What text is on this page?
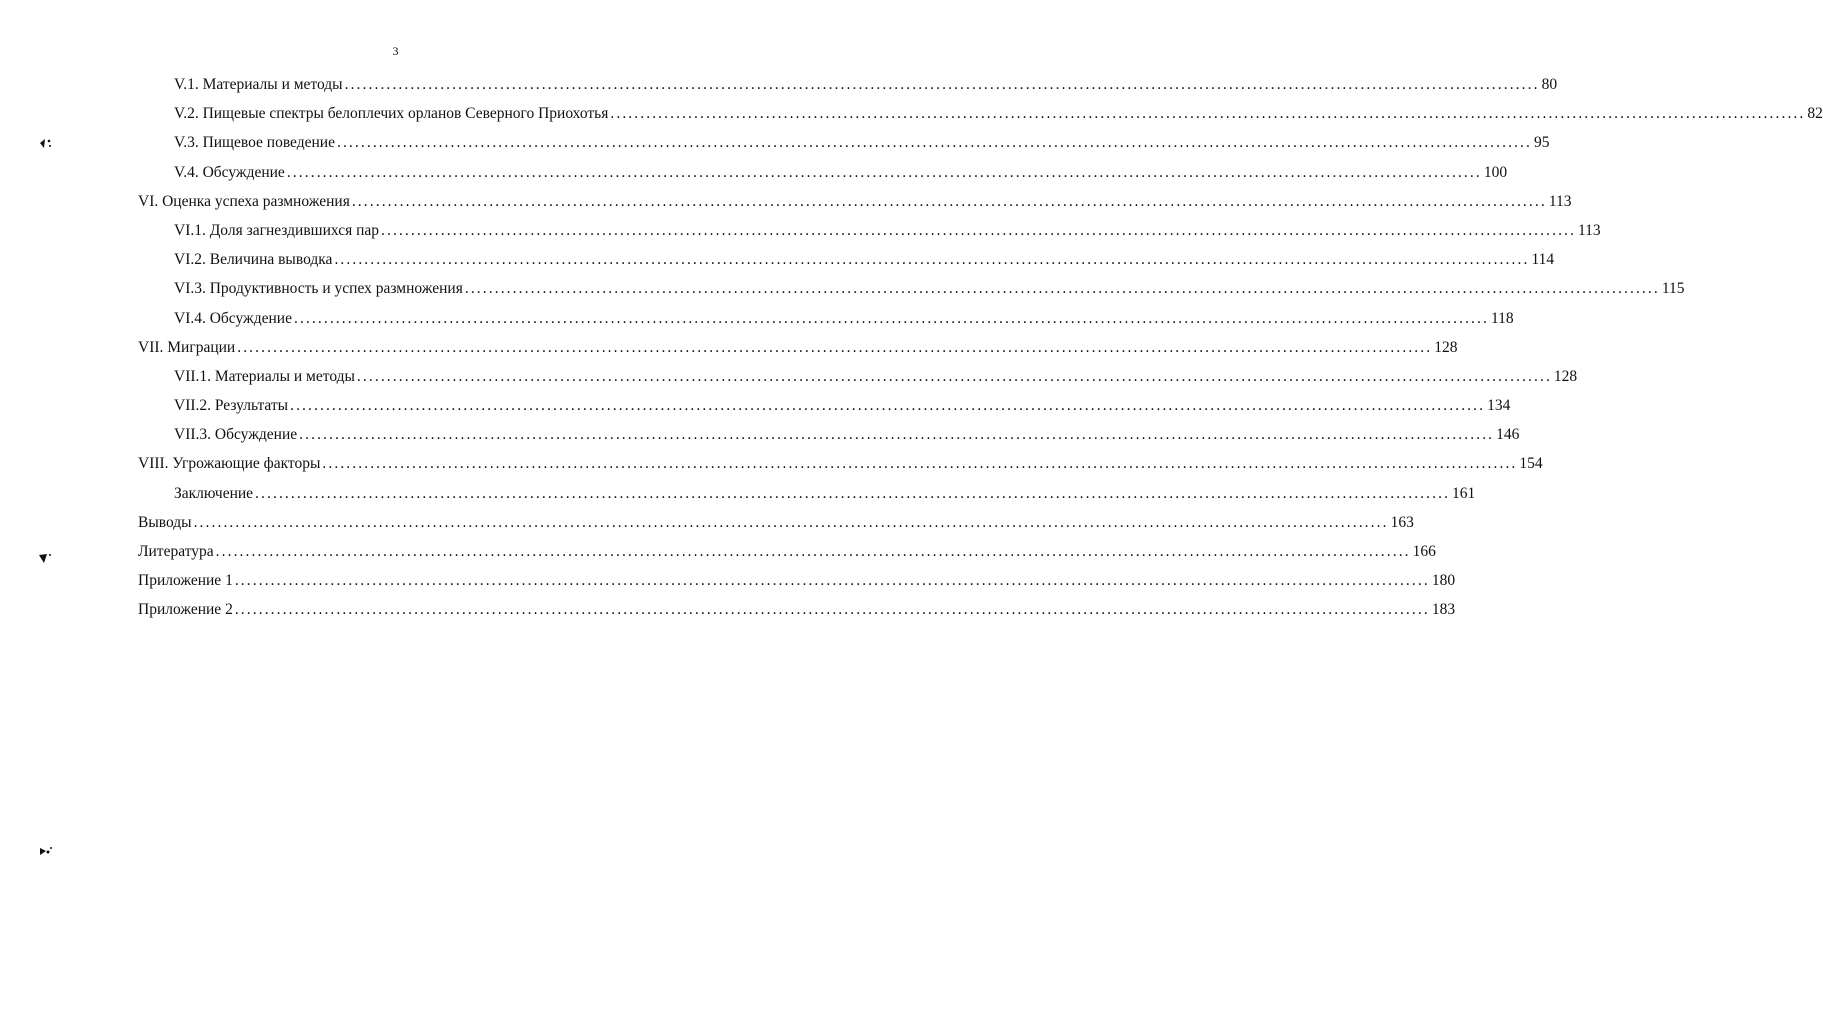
3
V.1. Материалы и методы ........................................................................................................................................................................................................ 80
V.2. Пищевые спектры белоплечих орланов Северного Приохотья ........................................................................................................................................................................................................ 82
V.3. Пищевое поведение ........................................................................................................................................................................................................ 95
V.4. Обсуждение ........................................................................................................................................................................................................ 100
VI. Оценка успеха размножения ........................................................................................................................................................................................................ 113
VI.1. Доля загнездившихся пар ........................................................................................................................................................................................................ 113
VI.2. Величина выводка ........................................................................................................................................................................................................ 114
VI.3. Продуктивность и успех размножения ........................................................................................................................................................................................................ 115
VI.4. Обсуждение ........................................................................................................................................................................................................ 118
VII. Миграции ........................................................................................................................................................................................................ 128
VII.1. Материалы и методы ........................................................................................................................................................................................................ 128
VII.2. Результаты ........................................................................................................................................................................................................ 134
VII.3. Обсуждение ........................................................................................................................................................................................................ 146
VIII. Угрожающие факторы ........................................................................................................................................................................................................ 154
Заключение ........................................................................................................................................................................................................ 161
Выводы ........................................................................................................................................................................................................ 163
Литература ........................................................................................................................................................................................................ 166
Приложение 1 ........................................................................................................................................................................................................ 180
Приложение 2 ........................................................................................................................................................................................................ 183
